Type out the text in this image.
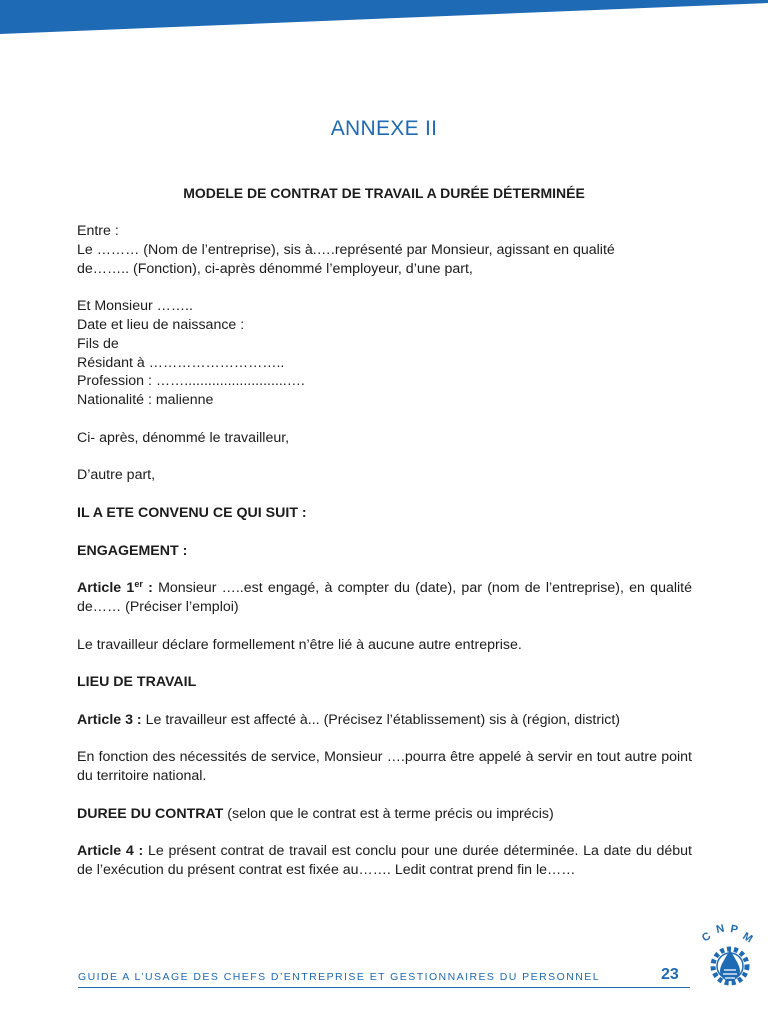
ANNEXE II
MODELE DE CONTRAT DE TRAVAIL A DURÉE DÉTERMINÉE

Entre :

Le ……… (Nom de l’entreprise), sis à.….représenté par Monsieur, agissant en qualité

de…….. (Fonction), ci-après dénommé l’employeur, d’une part,

Et Monsieur ……..

Date et lieu de naissance :

Fils de

Résidant à ………………………..

Profession : ……..........................….

Nationalité : malienne

Ci- après, dénommé le travailleur,

D’autre part,

IL A ETE CONVENU CE QUI SUIT :

ENGAGEMENT :

Article 1er : Monsieur …..est engagé, à compter du (date), par (nom de l’entreprise), en qualité de…… (Préciser l’emploi)

Le travailleur déclare formellement n’être lié à aucune autre entreprise.

LIEU DE TRAVAIL

Article 3 : Le travailleur est affecté à... (Précisez l’établissement) sis à (région, district)

En fonction des nécessités de service, Monsieur ….pourra être appelé à servir en tout autre point du territoire national.

DUREE DU CONTRAT (selon que le contrat est à terme précis ou imprécis)

Article 4 : Le présent contrat de travail est conclu pour une durée déterminée. La date du début de l’exécution du présent contrat est fixée au……. Ledit contrat prend fin le……

GUIDE A L’USAGE DES CHEFS D’ENTREPRISE ET GESTIONNAIRES DU PERSONNEL	23
C
N P
M
